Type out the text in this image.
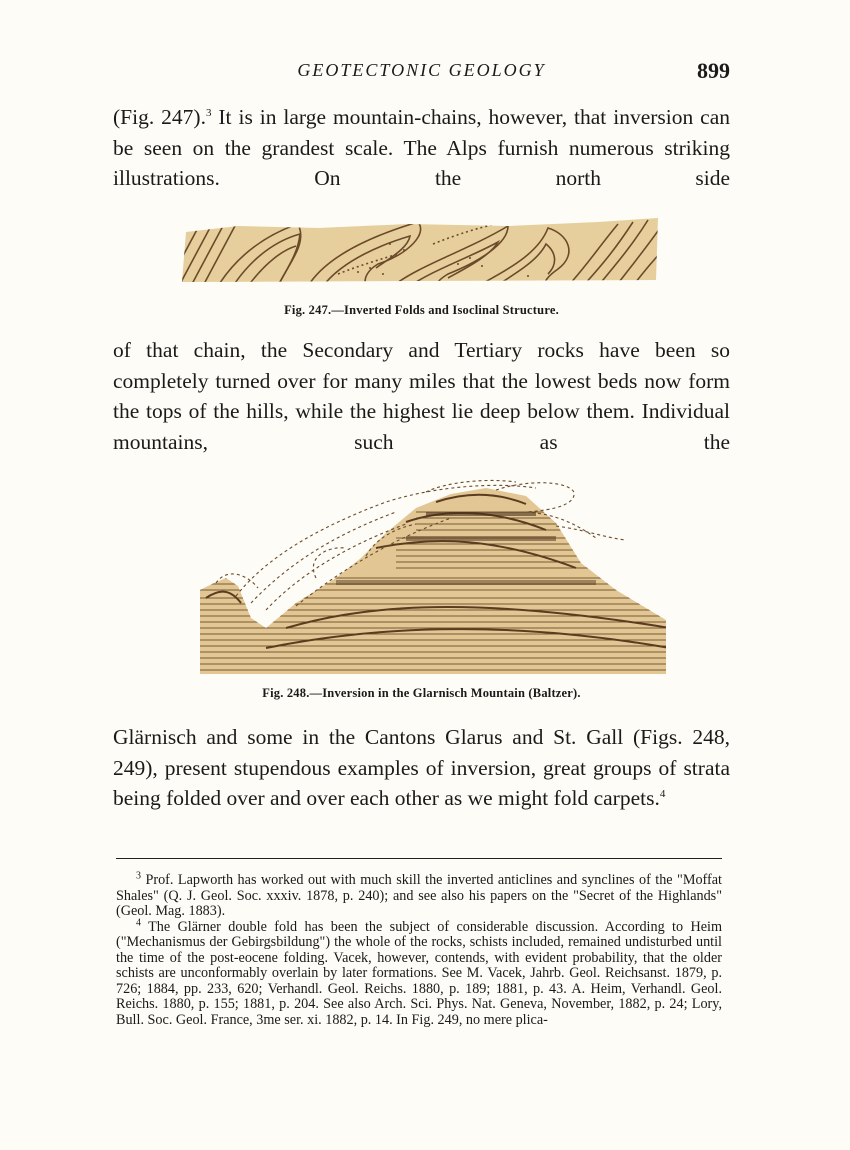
GEOTECTONIC GEOLOGY	899

(Fig. 247).$^3$ It is in large mountain-chains, however, that inversion can be seen on the grandest scale. The Alps furnish numerous striking illustrations. On the north side

Fig. 247.—Inverted Folds and Isoclinal Structure.

of that chain, the Secondary and Tertiary rocks have been so completely turned over for many miles that the lowest beds now form the tops of the hills, while the highest lie deep below them. Individual mountains, such as the

Fig. 248.—Inversion in the Glarnisch Mountain (Baltzer).

Glärnisch and some in the Cantons Glarus and St. Gall (Figs. 248, 249), present stupendous examples of inversion, great groups of strata being folded over and over each other as we might fold carpets.$^4$

$^3$ Prof. Lapworth has worked out with much skill the inverted anticlines and synclines of the "Moffat Shales" (Q. J. Geol. Soc. xxxiv. 1878, p. 240); and see also his papers on the "Secret of the Highlands" (Geol. Mag. 1883).

$^4$ The Glärner double fold has been the subject of considerable discussion. According to Heim ("Mechanismus der Gebirgsbildung") the whole of the rocks, schists included, remained undisturbed until the time of the post-eocene folding. Vacek, however, contends, with evident probability, that the older schists are unconformably overlain by later formations. See M. Vacek, Jahrb. Geol. Reichsanst. 1879, p. 726; 1884, pp. 233, 620; Verhandl. Geol. Reichs. 1880, p. 189; 1881, p. 43. A. Heim, Verhandl. Geol. Reichs. 1880, p. 155; 1881, p. 204. See also Arch. Sci. Phys. Nat. Geneva, November, 1882, p. 24; Lory, Bull. Soc. Geol. France, 3me ser. xi. 1882, p. 14. In Fig. 249, no mere plica-
